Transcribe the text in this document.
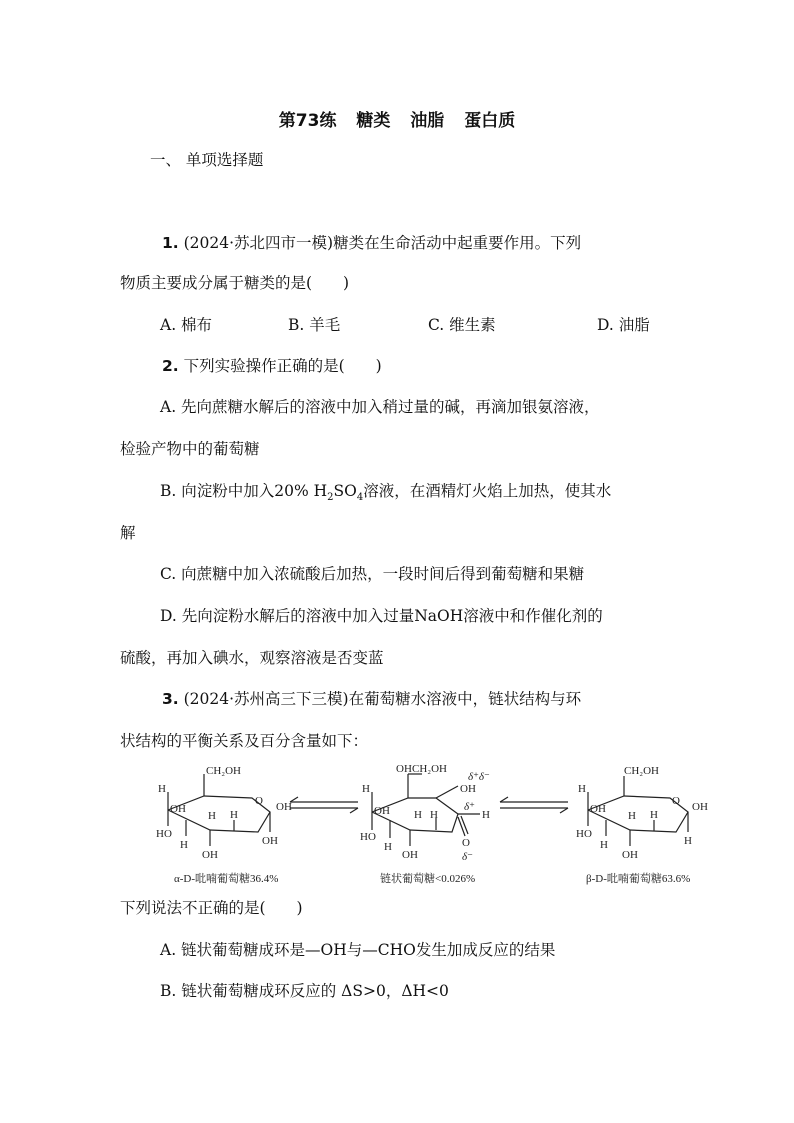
第73练 糖类 油脂 蛋白质
一、 单项选择题
1. (2024·苏北四市一模)糖类在生命活动中起重要作用。下列
物质主要成分属于糖类的是(　　)
A. 棉布	B. 羊毛	C. 维生素	D. 油脂
2. 下列实验操作正确的是(　　)
A. 先向蔗糖水解后的溶液中加入稍过量的碱，再滴加银氨溶液，
检验产物中的葡萄糖
B. 向淀粉中加入20% $H_2SO_4$溶液，在酒精灯火焰上加热，使其水
解
C. 向蔗糖中加入浓硫酸后加热，一段时间后得到葡萄糖和果糖
D. 先向淀粉水解后的溶液中加入过量NaOH溶液中和作催化剂的
硫酸，再加入碘水，观察溶液是否变蓝
3. (2024·苏州高三下三模)在葡萄糖水溶液中，链状结构与环
状结构的平衡关系及百分含量如下：
H
CH₂OH
O OH
OH
H
HO
H
H
OH
OH
OH CH₂OH
δ⁺δ⁻
OH
H
OH H
HO
H
H
OH
δ⁺
H
O
δ⁻
H
CH₂OH
O OH
OH
H
HO
H
H
OH
H
α-D-吡喃葡萄糖36.4%	链状葡萄糖<0.026%	β-D-吡喃葡萄糖63.6%
下列说法不正确的是(　　)
A. 链状葡萄糖成环是—OH与—CHO发生加成反应的结果
B. 链状葡萄糖成环反应的 ΔS>0，ΔH<0
